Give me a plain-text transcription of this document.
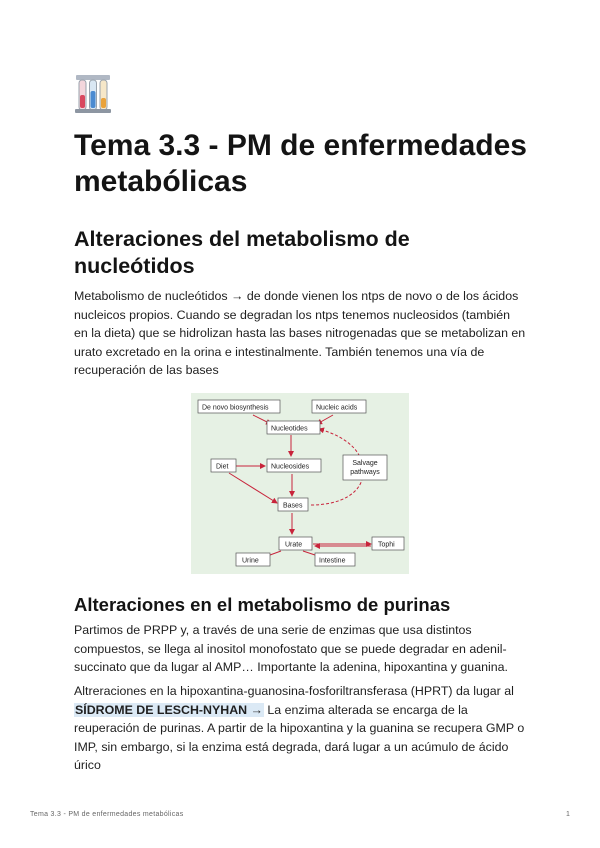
Tema 3.3 - PM de enfermedades metabólicas
Alteraciones del metabolismo de nucleótidos

Metabolismo de nucleótidos → de donde vienen los ntps de novo o de los ácidos nucleicos propios. Cuando se degradan los ntps tenemos nucleosidos (también en la dieta) que se hidrolizan hasta las bases nitrogenadas que se metabolizan en urato excretado en la orina e intestinalmente. También tenemos una vía de recuperación de las bases

De novo biosynthesis	Nucleic acids
Nucleotides
Diet	Nucleosides	Salvage
pathways
Bases
Urate	Tophi
Urine	Intestine
Alteraciones en el metabolismo de purinas

Partimos de PRPP y, a través de una serie de enzimas que usa distintos compuestos, se llega al inositol monofostato que se puede degradar en adenil-succinato que da lugar al AMP… Importante la adenina, hipoxantina y guanina.

Altreraciones en la hipoxantina-guanosina-fosforiltransferasa (HPRT) da lugar al SÍDROME DE LESCH-NYHAN → La enzima alterada se encarga de la reuperación de purinas. A partir de la hipoxantina y la guanina se recupera GMP o IMP, sin embargo, si la enzima está degrada, dará lugar a un acúmulo de ácido úrico

Tema 3.3 - PM de enfermedades metabólicas	1
